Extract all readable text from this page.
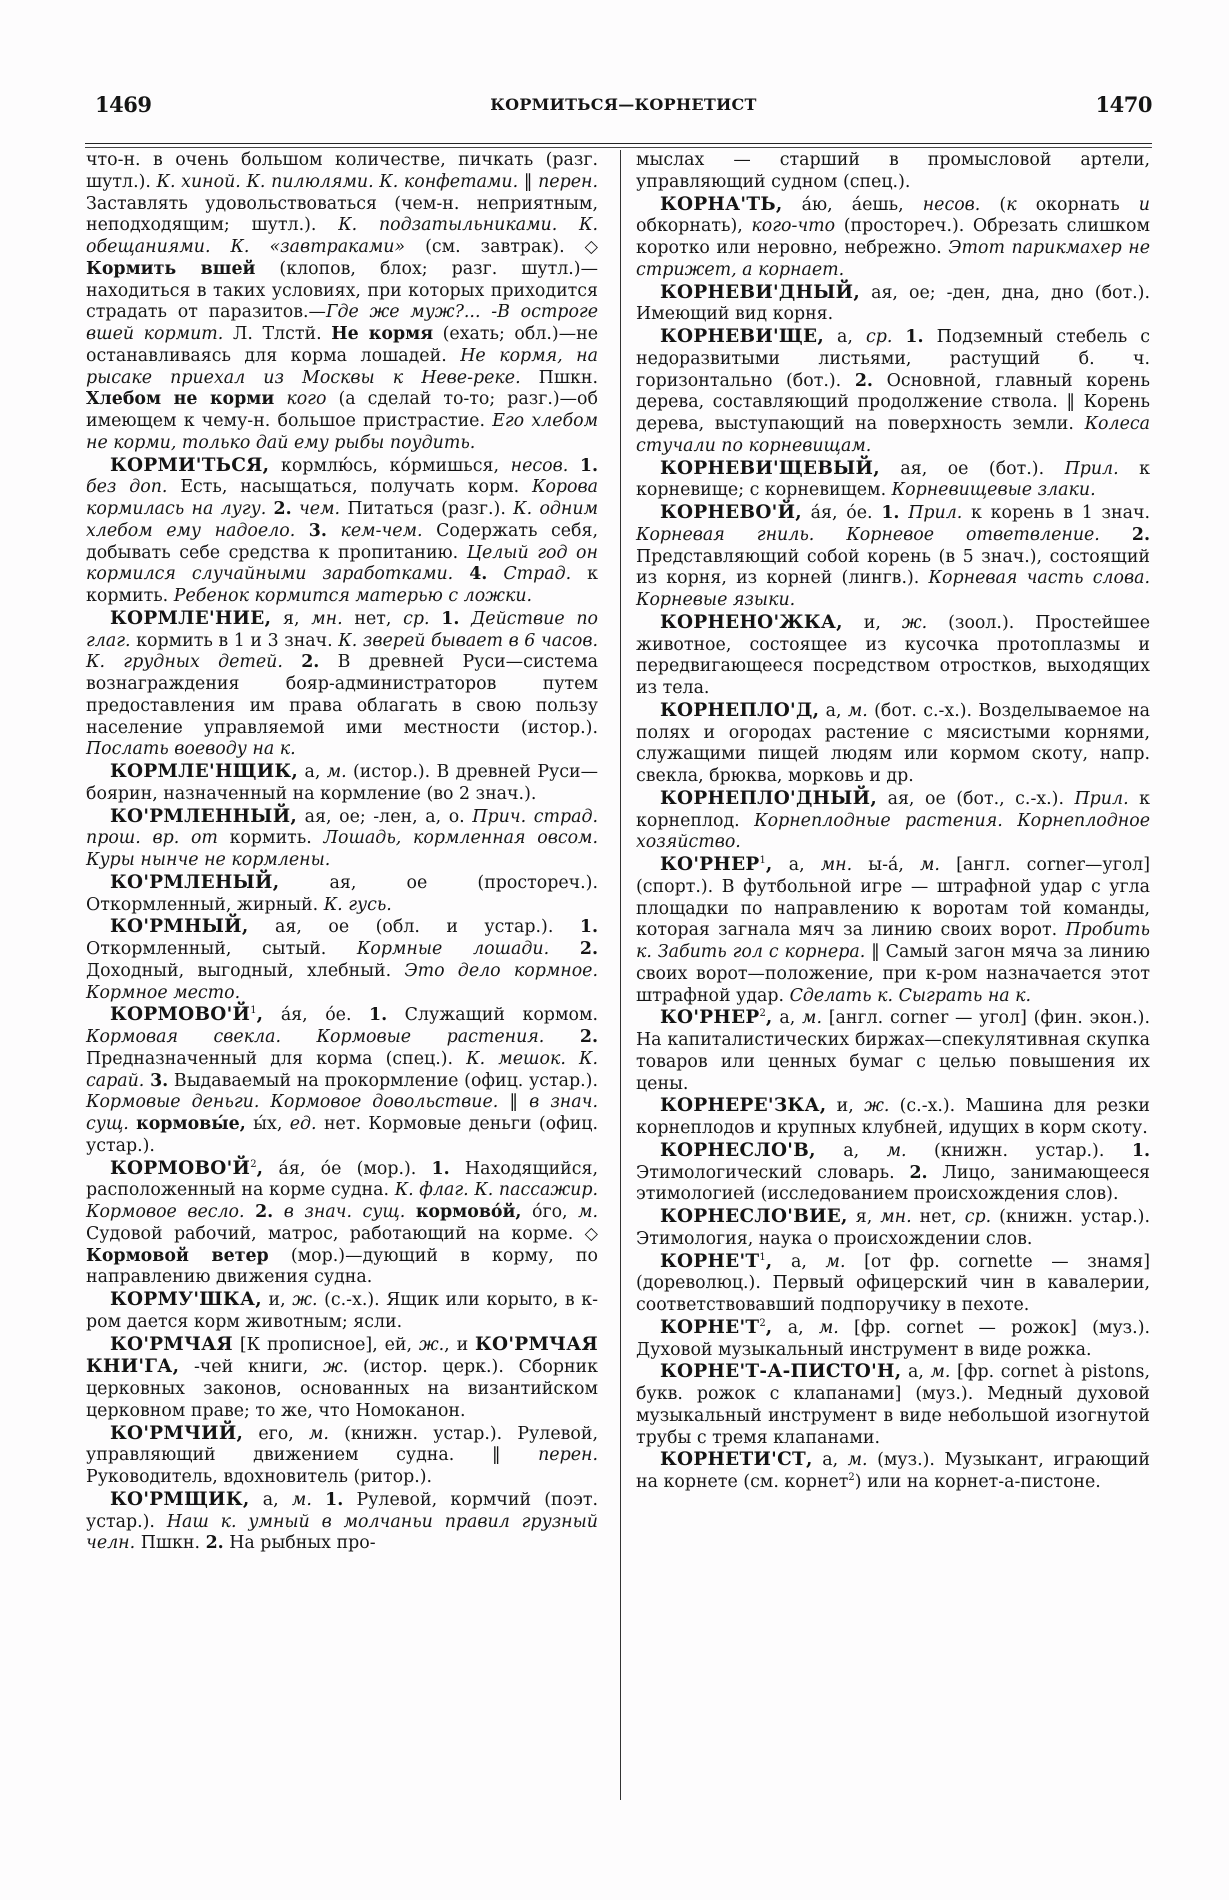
1469	КОРМИТЬСЯ—КОРНЕТИСТ	1470

что-н. в очень большом количестве, пичкать (разг. шутл.). К. хиной. К. пилюлями. К. конфетами. ‖ перен. Заставлять удовольствоваться (чем-н. неприятным, неподходящим; шутл.). К. подзатыльниками. К. обещаниями. К. «завтраками» (см. завтрак). ◇ Кормить вшей (клопов, блох; разг. шутл.)—находиться в таких условиях, при которых приходится страдать от паразитов.—Где же муж?... -В остроге вшей кормит. Л. Тлстй. Не кормя (ехать; обл.)—не останавливаясь для корма лошадей. Не кормя, на рысаке приехал из Москвы к Неве-реке. Пшкн. Хлебом не корми кого (а сделай то-то; разг.)—об имеющем к чему-н. большое пристрастие. Его хлебом не корми, только дай ему рыбы поудить.

КОРМИ'ТЬСЯ, кормлю́сь, ко́рмишься, несов. 1. без доп. Есть, насыщаться, получать корм. Корова кормилась на лугу. 2. чем. Питаться (разг.). К. одним хлебом ему надоело. 3. кем-чем. Содержать себя, добывать себе средства к пропитанию. Целый год он кормился случайными заработками. 4. Страд. к кормить. Ребенок кормится матерью с ложки.

КОРМЛЕ'НИЕ, я, мн. нет, ср. 1. Действие по глаг. кормить в 1 и 3 знач. К. зверей бывает в 6 часов. К. грудных детей. 2. В древней Руси—система вознаграждения бояр-администраторов путем предоставления им права облагать в свою пользу население управляемой ими местности (истор.). Послать воеводу на к.

КОРМЛЕ'НЩИК, а, м. (истор.). В древней Руси—боярин, назначенный на кормление (во 2 знач.).

КО'РМЛЕННЫЙ, ая, ое; -лен, а, о. Прич. страд. прош. вр. от кормить. Лошадь, кормленная овсом. Куры нынче не кормлены.

КО'РМЛЕНЫЙ, ая, ое (простореч.). Откормленный, жирный. К. гусь.

КО'РМНЫЙ, ая, ое (обл. и устар.). 1. Откормленный, сытый. Кормные лошади. 2. Доходный, выгодный, хлебный. Это дело кормное. Кормное место.

$КОРМОВО'Й^1$, а́я, о́е. 1. Служащий кормом. Кормовая свекла. Кормовые растения. 2. Предназначенный для корма (спец.). К. мешок. К. сарай. 3. Выдаваемый на прокормление (офиц. устар.). Кормовые деньги. Кормовое довольствие. ‖ в знач. сущ. кормовы́е, ы́х, ед. нет. Кормовые деньги (офиц. устар.).

$КОРМОВО'Й^2$, а́я, о́е (мор.). 1. Находящийся, расположенный на корме судна. К. флаг. К. пассажир. Кормовое весло. 2. в знач. сущ. кормово́й, о́го, м. Судовой рабочий, матрос, работающий на корме. ◇ Кормовой ветер (мор.)—дующий в корму, по направлению движения судна.

КОРМУ'ШКА, и, ж. (с.-х.). Ящик или корыто, в к-ром дается корм животным; ясли.

КО'РМЧАЯ [К прописное], ей, ж., и КО'РМЧАЯ КНИ'ГА, -чей книги, ж. (истор. церк.). Сборник церковных законов, основанных на византийском церковном праве; то же, что Номоканон.

КО'РМЧИЙ, его, м. (книжн. устар.). Рулевой, управляющий движением судна. ‖ перен. Руководитель, вдохновитель (ритор.).

КО'РМЩИК, а, м. 1. Рулевой, кормчий (поэт. устар.). Наш к. умный в молчаньи правил грузный челн. Пшкн. 2. На рыбных про-

мыслах — старший в промысловой артели, управляющий судном (спец.).

КОРНА'ТЬ, а́ю, а́ешь, несов. (к окорнать и обкорнать), кого-что (простореч.). Обрезать слишком коротко или неровно, небрежно. Этот парикмахер не стрижет, а корнает.

КОРНЕВИ'ДНЫЙ, ая, ое; -ден, дна, дно (бот.). Имеющий вид корня.

КОРНЕВИ'ЩЕ, а, ср. 1. Подземный стебель с недоразвитыми листьями, растущий б. ч. горизонтально (бот.). 2. Основной, главный корень дерева, составляющий продолжение ствола. ‖ Корень дерева, выступающий на поверхность земли. Колеса стучали по корневищам.

КОРНЕВИ'ЩЕВЫЙ, ая, ое (бот.). Прил. к корневище; с корневищем. Корневищевые злаки.

КОРНЕВО'Й, а́я, о́е. 1. Прил. к корень в 1 знач. Корневая гниль. Корневое ответвление. 2. Представляющий собой корень (в 5 знач.), состоящий из корня, из корней (лингв.). Корневая часть слова. Корневые языки.

КОРНЕНО'ЖКА, и, ж. (зоол.). Простейшее животное, состоящее из кусочка протоплазмы и передвигающееся посредством отростков, выходящих из тела.

КОРНЕПЛО'Д, а, м. (бот. с.-х.). Возделываемое на полях и огородах растение с мясистыми корнями, служащими пищей людям или кормом скоту, напр. свекла, брюква, морковь и др.

КОРНЕПЛО'ДНЫЙ, ая, ое (бот., с.-х.). Прил. к корнеплод. Корнеплодные растения. Корнеплодное хозяйство.

КО'РНЕР$^1$, а, мн. ы-а́, м. [англ. corner—угол] (спорт.). В футбольной игре — штрафной удар с угла площадки по направлению к воротам той команды, которая загнала мяч за линию своих ворот. Пробить к. Забить гол с корнера. ‖ Самый загон мяча за линию своих ворот—положение, при к-ром назначается этот штрафной удар. Сделать к. Сыграть на к.

КО'РНЕР$^2$, а, м. [англ. corner — угол] (фин. экон.). На капиталистических биржах—спекулятивная скупка товаров или ценных бумаг с целью повышения их цены.

КОРНЕРЕ'ЗКА, и, ж. (с.-х.). Машина для резки корнеплодов и крупных клубней, идущих в корм скоту.

КОРНЕСЛО'В, а, м. (книжн. устар.). 1. Этимологический словарь. 2. Лицо, занимающееся этимологией (исследованием происхождения слов).

КОРНЕСЛО'ВИЕ, я, мн. нет, ср. (книжн. устар.). Этимология, наука о происхождении слов.

$КОРНЕ'Т^1$, а, м. [от фр. cornette — знамя] (дореволюц.). Первый офицерский чин в кавалерии, соответствовавший подпоручику в пехоте.

$КОРНЕ'Т^2$, а, м. [фр. cornet — рожок] (муз.). Духовой музыкальный инструмент в виде рожка.

КОРНЕ'Т-А-ПИСТО'Н, а, м. [фр. cornet à pistons, букв. рожок с клапанами] (муз.). Медный духовой музыкальный инструмент в виде небольшой изогнутой трубы с тремя клапанами.

КОРНЕТИ'СТ, а, м. (муз.). Музыкант, играющий на корнете (см. корнет$^2$) или на корнет-а-пистоне.
